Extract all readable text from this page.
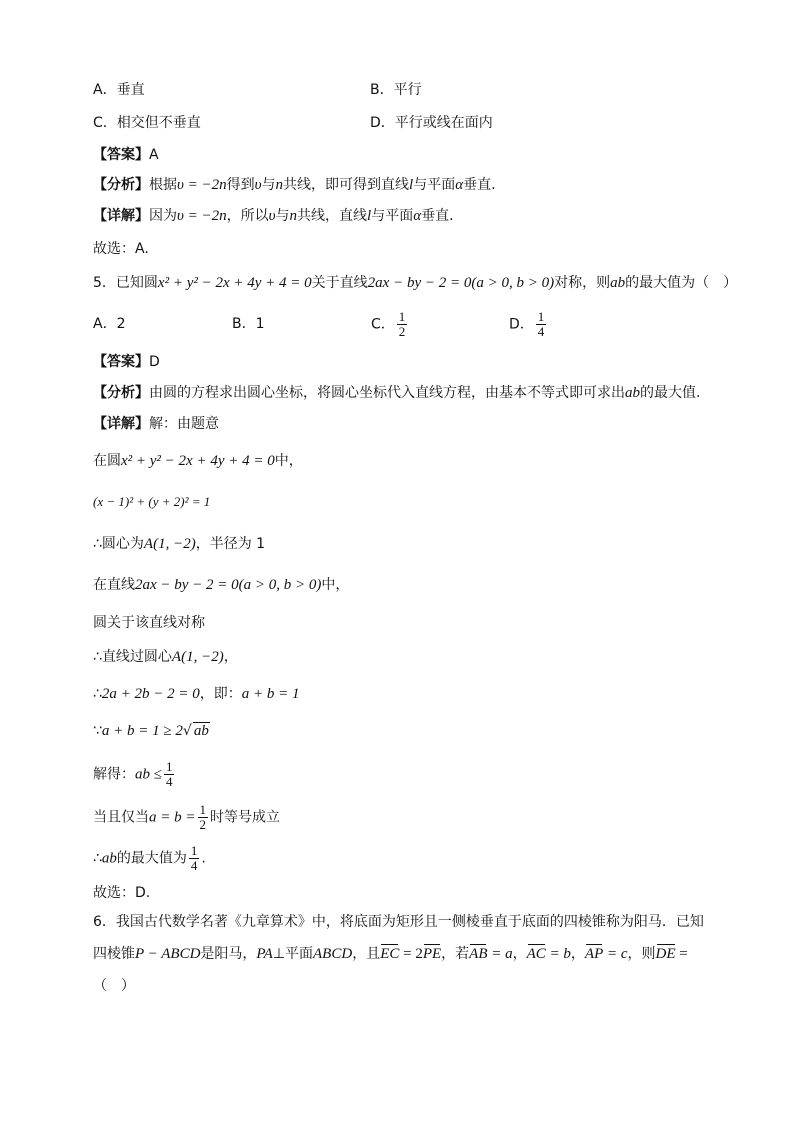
A．垂直	B．平行
C．相交但不垂直	D．平行或线在面内
【答案】A
【分析】根据υ = −2n得到υ与n共线，即可得到直线l与平面α垂直.
【详解】因为υ = −2n，所以υ与n共线，直线l与平面α垂直.
故选：A.
5．已知圆x² + y² − 2x + 4y + 4 = 0关于直线2ax − by − 2 = 0(a > 0, b > 0)对称，则ab的最大值为（　）
A．2	B．1	C． $\frac{1}{2}$	D． $\frac{1}{4}$
【答案】D
【分析】由圆的方程求出圆心坐标，将圆心坐标代入直线方程，由基本不等式即可求出ab的最大值.
【详解】解：由题意
在圆x² + y² − 2x + 4y + 4 = 0中，
(x − 1)² + (y + 2)² = 1
∴圆心为A(1, −2)，半径为 1
在直线2ax − by − 2 = 0(a > 0, b > 0)中，
圆关于该直线对称
∴直线过圆心A(1, −2)，
∴2a + 2b − 2 = 0，即：a + b = 1
∵a + b = 1 ≥ 2√ ab
解得：ab ≤ $\frac{1}{4}$
当且仅当$a = b = \frac{1}{2}$ 时等号成立
∴ab的最大值为 $\frac{1}{4}$ .
故选：D.
6．我国古代数学名著《九章算术》中，将底面为矩形且一侧棱垂直于底面的四棱锥称为阳马．已知
四棱锥P − ABCD是阳马，PA⊥平面ABCD，且EC = 2PE，若AB = a，AC = b，AP = c，则DE =
（　）
